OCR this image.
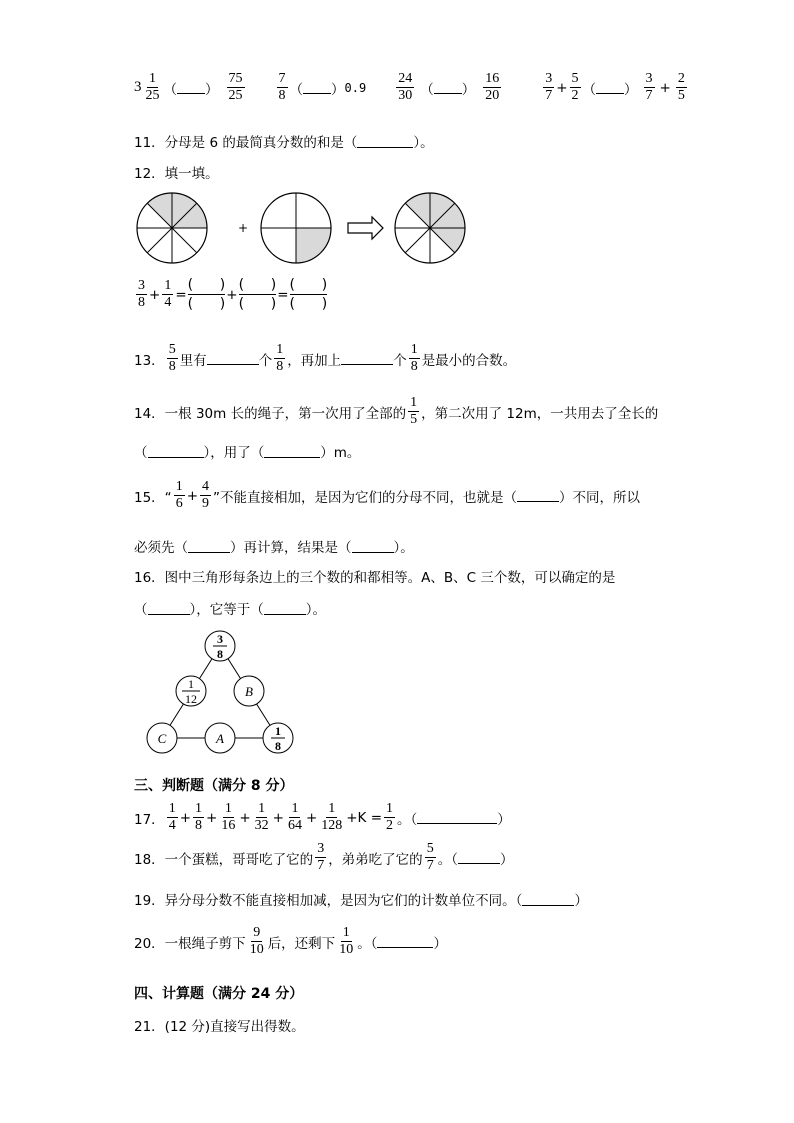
$3 \frac{1}{25}$ （ ） $\frac{75}{25} \frac{7}{8}$ （ ） $0.9 \frac{24}{30}$ （ ） $\frac{16}{20}$	$\frac{3}{7} + \frac{5}{2}$ （ ） $\frac{3}{7} + \frac{2}{5}$
11．分母是 6 的最简真分数的和是（	）。
12．填一填。
+
$\frac{3}{8} + \frac{1}{4}$ =
( )
( )
+
( )
( )
=
( )
( )
13． $\frac{5}{8}$ 里有	个 $\frac{1}{8}$ ，再加上	个 $\frac{1}{8}$ 是最小的合数。
14．一根 30m 长的绳子，第一次用了全部的 $\frac{1}{5}$ ，第二次用了 12m，一共用去了全长的
（	），用了（	）m。
15．“ $\frac{1}{6} + \frac{4}{9}$ ”不能直接相加，是因为它们的分母不同，也就是（	）不同，所以
必须先（	）再计算，结果是（	）。
16．图中三角形每条边上的三个数的和都相等。A、B、C 三个数，可以确定的是
（	），它等于（	）。
3
8
1
12	B
C	A	1
8
三、判断题（满分 8 分）
17． $\frac{1}{4} + \frac{1}{8} + \frac{1}{16} + \frac{1}{32} + \frac{1}{64} + \frac{1}{128} +K = \frac{1}{2}$ 。（	）
18．一个蛋糕，哥哥吃了它的 $\frac{3}{7}$ ，弟弟吃了它的 $\frac{5}{7}$ 。（	）
19．异分母分数不能直接相加减，是因为它们的计数单位不同。（	）
20．一根绳子剪下 $\frac{9}{10}$ 后，还剩下 $\frac{1}{10}$ 。（	）
四、计算题（满分 24 分）
21．(12 分)直接写出得数。
